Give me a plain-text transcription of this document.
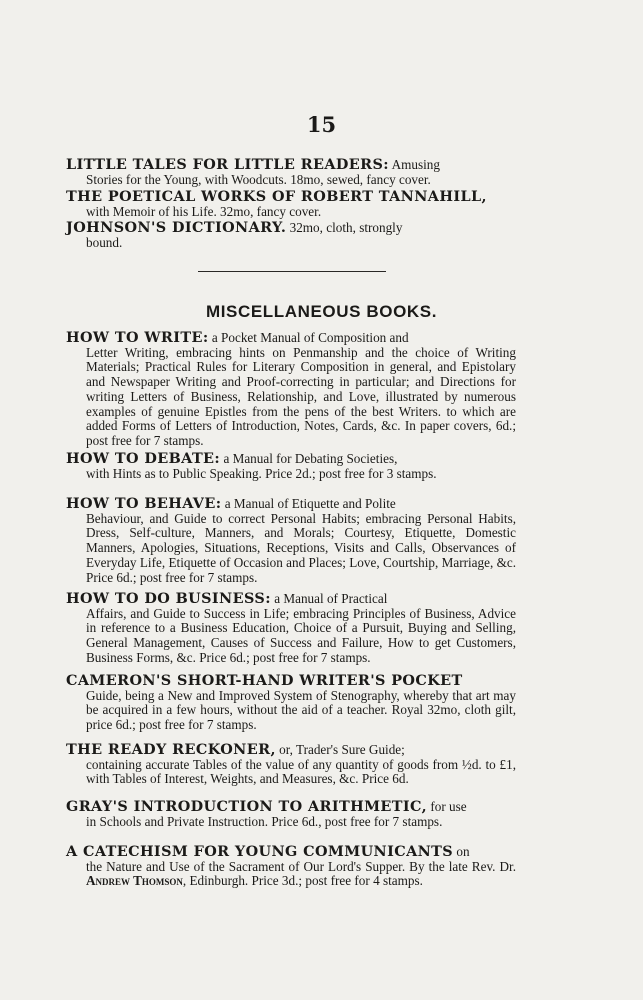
15

LITTLE TALES FOR LITTLE READERS: Amusing

Stories for the Young, with Woodcuts. 18mo, sewed, fancy cover.

THE POETICAL WORKS OF ROBERT TANNAHILL,

with Memoir of his Life. 32mo, fancy cover.

JOHNSON'S DICTIONARY. 32mo, cloth, strongly

bound.
MISCELLANEOUS BOOKS.

HOW TO WRITE: a Pocket Manual of Composition and

Letter Writing, embracing hints on Penmanship and the choice of Writing Materials; Practical Rules for Literary Composition in general, and Epistolary and Newspaper Writing and Proof-correcting in particular; and Directions for writing Letters of Business, Relationship, and Love, illustrated by numerous examples of genuine Epistles from the pens of the best Writers. to which are added Forms of Letters of Introduction, Notes, Cards, &c. In paper covers, 6d.; post free for 7 stamps.

HOW TO DEBATE: a Manual for Debating Societies,

with Hints as to Public Speaking. Price 2d.; post free for 3 stamps.

HOW TO BEHAVE: a Manual of Etiquette and Polite

Behaviour, and Guide to correct Personal Habits; embracing Personal Habits, Dress, Self-culture, Manners, and Morals; Courtesy, Etiquette, Domestic Manners, Apologies, Situations, Receptions, Visits and Calls, Observances of Everyday Life, Etiquette of Occasion and Places; Love, Courtship, Marriage, &c. Price 6d.; post free for 7 stamps.

HOW TO DO BUSINESS: a Manual of Practical

Affairs, and Guide to Success in Life; embracing Principles of Business, Advice in reference to a Business Education, Choice of a Pursuit, Buying and Selling, General Management, Causes of Success and Failure, How to get Customers, Business Forms, &c. Price 6d.; post free for 7 stamps.

CAMERON'S SHORT-HAND WRITER'S POCKET

Guide, being a New and Improved System of Stenography, whereby that art may be acquired in a few hours, without the aid of a teacher. Royal 32mo, cloth gilt, price 6d.; post free for 7 stamps.

THE READY RECKONER, or, Trader's Sure Guide;

containing accurate Tables of the value of any quantity of goods from ½d. to £1, with Tables of Interest, Weights, and Measures, &c. Price 6d.

GRAY'S INTRODUCTION TO ARITHMETIC, for use

in Schools and Private Instruction. Price 6d., post free for 7 stamps.

A CATECHISM FOR YOUNG COMMUNICANTS on

the Nature and Use of the Sacrament of Our Lord's Supper. By the late Rev. Dr. Andrew Thomson, Edinburgh. Price 3d.; post free for 4 stamps.
